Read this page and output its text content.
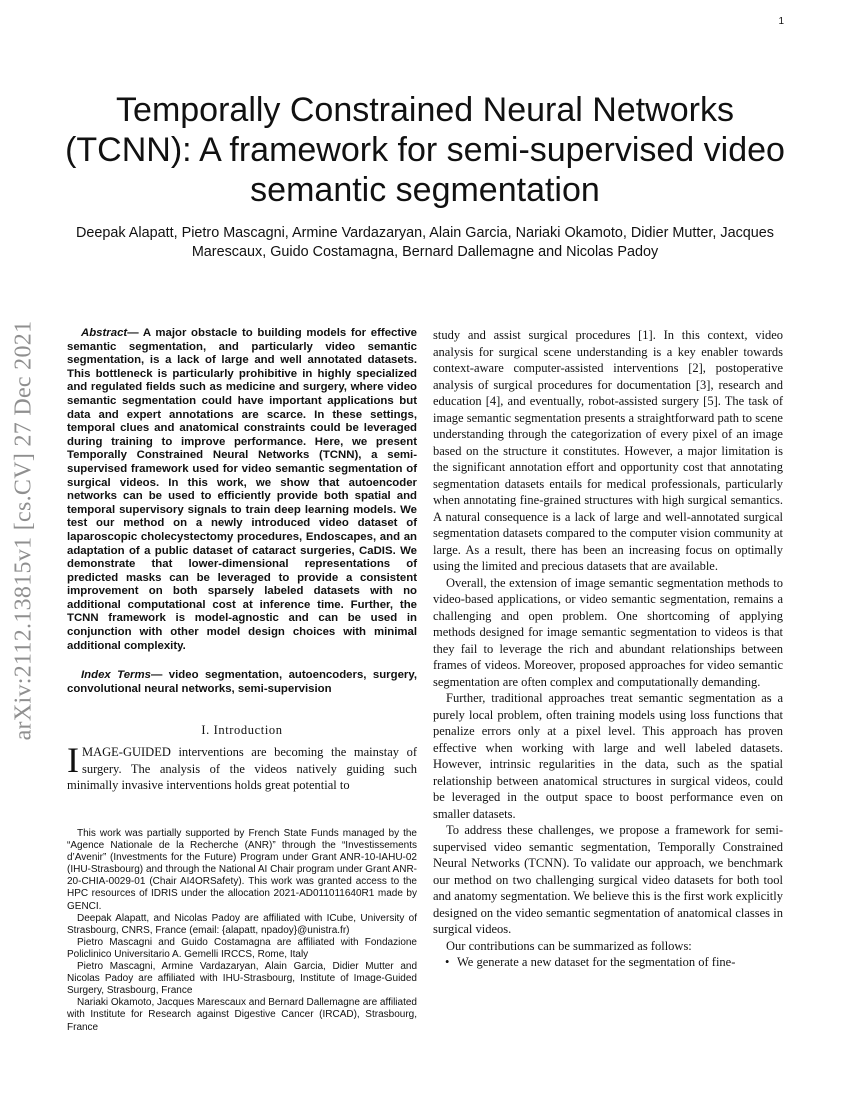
1
arXiv:2112.13815v1 [cs.CV] 27 Dec 2021
Temporally Constrained Neural Networks (TCNN): A framework for semi-supervised video semantic segmentation
Deepak Alapatt, Pietro Mascagni, Armine Vardazaryan, Alain Garcia, Nariaki Okamoto, Didier Mutter, Jacques Marescaux, Guido Costamagna, Bernard Dallemagne and Nicolas Padoy

Abstract— A major obstacle to building models for effective semantic segmentation, and particularly video semantic segmentation, is a lack of large and well annotated datasets. This bottleneck is particularly prohibitive in highly specialized and regulated fields such as medicine and surgery, where video semantic segmentation could have important applications but data and expert annotations are scarce. In these settings, temporal clues and anatomical constraints could be leveraged during training to improve performance. Here, we present Temporally Constrained Neural Networks (TCNN), a semi-supervised framework used for video semantic segmentation of surgical videos. In this work, we show that autoencoder networks can be used to efficiently provide both spatial and temporal supervisory signals to train deep learning models. We test our method on a newly introduced video dataset of laparoscopic cholecystectomy procedures, Endoscapes, and an adaptation of a public dataset of cataract surgeries, CaDIS. We demonstrate that lower-dimensional representations of predicted masks can be leveraged to provide a consistent improvement on both sparsely labeled datasets with no additional computational cost at inference time. Further, the TCNN framework is model-agnostic and can be used in conjunction with other model design choices with minimal additional complexity.

Index Terms— video segmentation, autoencoders, surgery, convolutional neural networks, semi-supervision

I. Introduction

IMAGE-GUIDED interventions are becoming the mainstay of surgery. The analysis of the videos natively guiding such minimally invasive interventions holds great potential to

This work was partially supported by French State Funds managed by the “Agence Nationale de la Recherche (ANR)” through the “Investissements d’Avenir” (Investments for the Future) Program under Grant ANR-10-IAHU-02 (IHU-Strasbourg) and through the National AI Chair program under Grant ANR-20-CHIA-0029-01 (Chair AI4ORSafety). This work was granted access to the HPC resources of IDRIS under the allocation 2021-AD011011640R1 made by GENCI.

Deepak Alapatt, and Nicolas Padoy are affiliated with ICube, University of Strasbourg, CNRS, France (email: {alapatt, npadoy}@unistra.fr)

Pietro Mascagni and Guido Costamagna are affiliated with Fondazione Policlinico Universitario A. Gemelli IRCCS, Rome, Italy

Pietro Mascagni, Armine Vardazaryan, Alain Garcia, Didier Mutter and Nicolas Padoy are affiliated with IHU-Strasbourg, Institute of Image-Guided Surgery, Strasbourg, France

Nariaki Okamoto, Jacques Marescaux and Bernard Dallemagne are affiliated with Institute for Research against Digestive Cancer (IRCAD), Strasbourg, France

study and assist surgical procedures [1]. In this context, video analysis for surgical scene understanding is a key enabler towards context-aware computer-assisted interventions [2], postoperative analysis of surgical procedures for documentation [3], research and education [4], and eventually, robot-assisted surgery [5]. The task of image semantic segmentation presents a straightforward path to scene understanding through the categorization of every pixel of an image based on the structure it constitutes. However, a major limitation is the significant annotation effort and opportunity cost that annotating segmentation datasets entails for medical professionals, particularly when annotating fine-grained structures with high surgical semantics. A natural consequence is a lack of large and well-annotated surgical segmentation datasets compared to the computer vision community at large. As a result, there has been an increasing focus on optimally using the limited and precious datasets that are available.

Overall, the extension of image semantic segmentation methods to video-based applications, or video semantic segmentation, remains a challenging and open problem. One shortcoming of applying methods designed for image semantic segmentation to videos is that they fail to leverage the rich and abundant relationships between frames of videos. Moreover, proposed approaches for video semantic segmentation are often complex and computationally demanding.

Further, traditional approaches treat semantic segmentation as a purely local problem, often training models using loss functions that penalize errors only at a pixel level. This approach has proven effective when working with large and well labeled datasets. However, intrinsic regularities in the data, such as the spatial relationship between anatomical structures in surgical videos, could be leveraged in the output space to boost performance even on smaller datasets.

To address these challenges, we propose a framework for semi-supervised video semantic segmentation, Temporally Constrained Neural Networks (TCNN). To validate our approach, we benchmark our method on two challenging surgical video datasets for both tool and anatomy segmentation. We believe this is the first work explicitly designed on the video semantic segmentation of anatomical classes in surgical videos.

Our contributions can be summarized as follows:

• We generate a new dataset for the segmentation of fine-
